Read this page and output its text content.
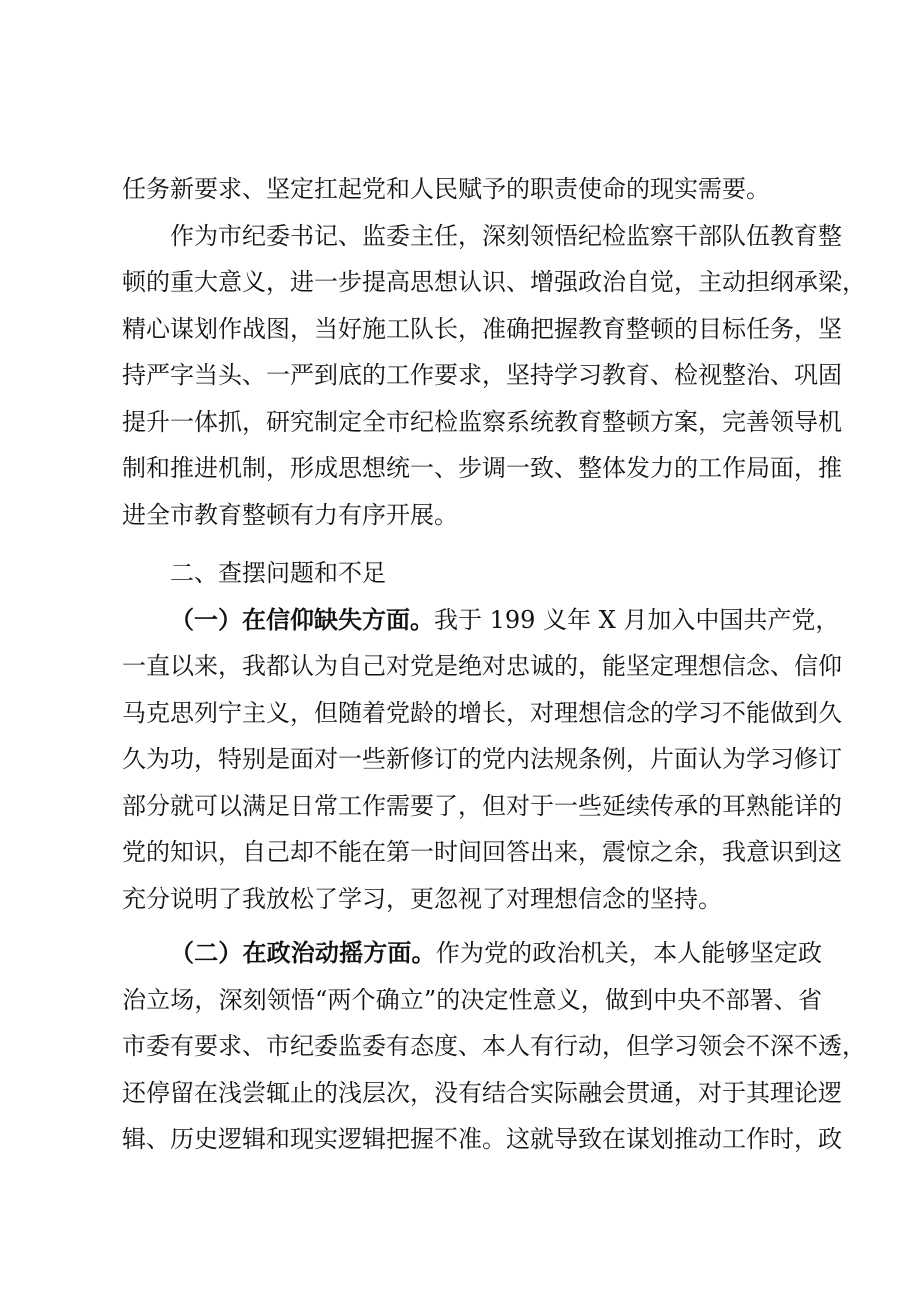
任务新要求、坚定扛起党和人民赋予的职责使命的现实需要。
作为市纪委书记、监委主任，深刻领悟纪检监察干部队伍教育整
顿的重大意义，进一步提高思想认识、增强政治自觉，主动担纲承梁，
精心谋划作战图，当好施工队长，准确把握教育整顿的目标任务，坚
持严字当头、一严到底的工作要求，坚持学习教育、检视整治、巩固
提升一体抓，研究制定全市纪检监察系统教育整顿方案，完善领导机
制和推进机制，形成思想统一、步调一致、整体发力的工作局面，推
进全市教育整顿有力有序开展。
二、查摆问题和不足
（一）在信仰缺失方面。我于 199 义年 X 月加入中国共产党，
一直以来，我都认为自己对党是绝对忠诚的，能坚定理想信念、信仰
马克思列宁主义，但随着党龄的增长，对理想信念的学习不能做到久
久为功，特别是面对一些新修订的党内法规条例，片面认为学习修订
部分就可以满足日常工作需要了，但对于一些延续传承的耳熟能详的
党的知识，自己却不能在第一时间回答出来，震惊之余，我意识到这
充分说明了我放松了学习，更忽视了对理想信念的坚持。
（二）在政治动摇方面。作为党的政治机关，本人能够坚定政
治立场，深刻领悟“两个确立”的决定性意义，做到中央不部署、省
市委有要求、市纪委监委有态度、本人有行动，但学习领会不深不透，
还停留在浅尝辄止的浅层次，没有结合实际融会贯通，对于其理论逻
辑、历史逻辑和现实逻辑把握不准。这就导致在谋划推动工作时，政
